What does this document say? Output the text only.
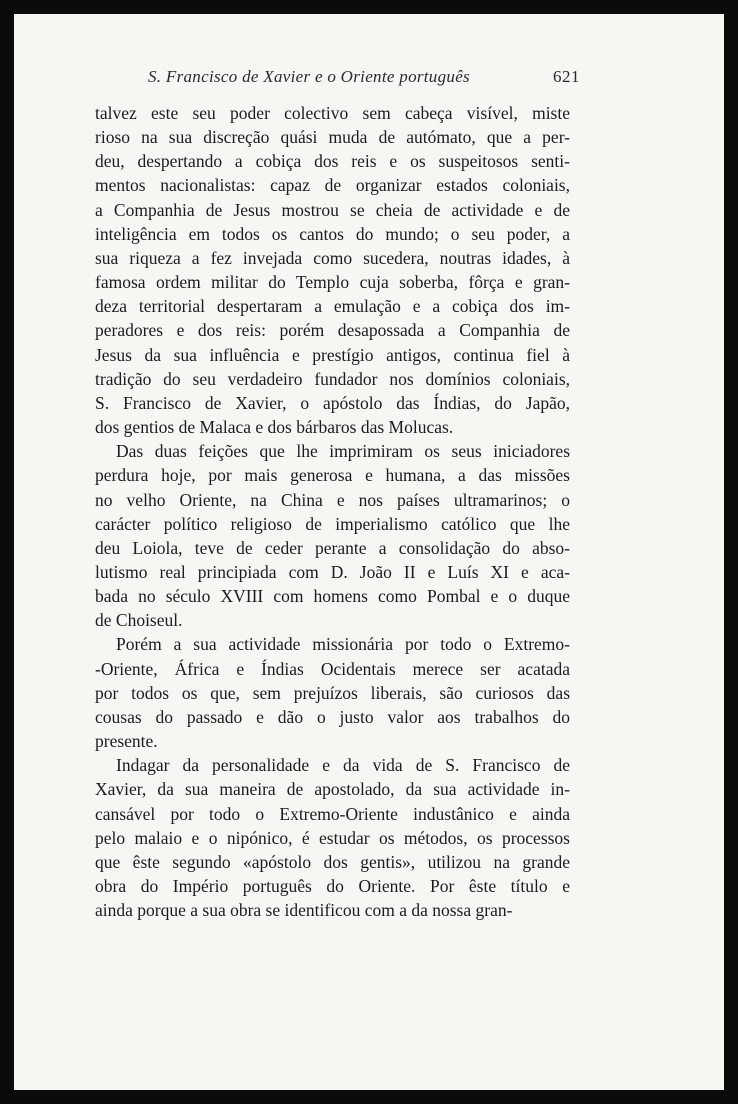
S. Francisco de Xavier e o Oriente português	621

talvez este seu poder colectivo sem cabeça visível, miste
rioso na sua discreção quási muda de autómato, que a per-
deu, despertando a cobiça dos reis e os suspeitosos senti-
mentos nacionalistas: capaz de organizar estados coloniais,
a Companhia de Jesus mostrou se cheia de actividade e de
inteligência em todos os cantos do mundo; o seu poder, a
sua riqueza a fez invejada como sucedera, noutras idades, à
famosa ordem militar do Templo cuja soberba, fôrça e gran-
deza territorial despertaram a emulação e a cobiça dos im-
peradores e dos reis: porém desapossada a Companhia de
Jesus da sua influência e prestígio antigos, continua fiel à
tradição do seu verdadeiro fundador nos domínios coloniais,
S. Francisco de Xavier, o apóstolo das Índias, do Japão,
dos gentios de Malaca e dos bárbaros das Molucas.

Das duas feições que lhe imprimiram os seus iniciadores
perdura hoje, por mais generosa e humana, a das missões
no velho Oriente, na China e nos países ultramarinos; o
carácter político religioso de imperialismo católico que lhe
deu Loiola, teve de ceder perante a consolidação do abso-
lutismo real principiada com D. João II e Luís XI e aca-
bada no século XVIII com homens como Pombal e o duque
de Choiseul.

Porém a sua actividade missionária por todo o Extremo-
-Oriente, África e Índias Ocidentais merece ser acatada
por todos os que, sem prejuízos liberais, são curiosos das
cousas do passado e dão o justo valor aos trabalhos do
presente.

Indagar da personalidade e da vida de S. Francisco de
Xavier, da sua maneira de apostolado, da sua actividade in-
cansável por todo o Extremo-Oriente industânico e ainda
pelo malaio e o nipónico, é estudar os métodos, os processos
que êste segundo «apóstolo dos gentis», utilizou na grande
obra do Império português do Oriente. Por êste título e
ainda porque a sua obra se identificou com a da nossa gran-
